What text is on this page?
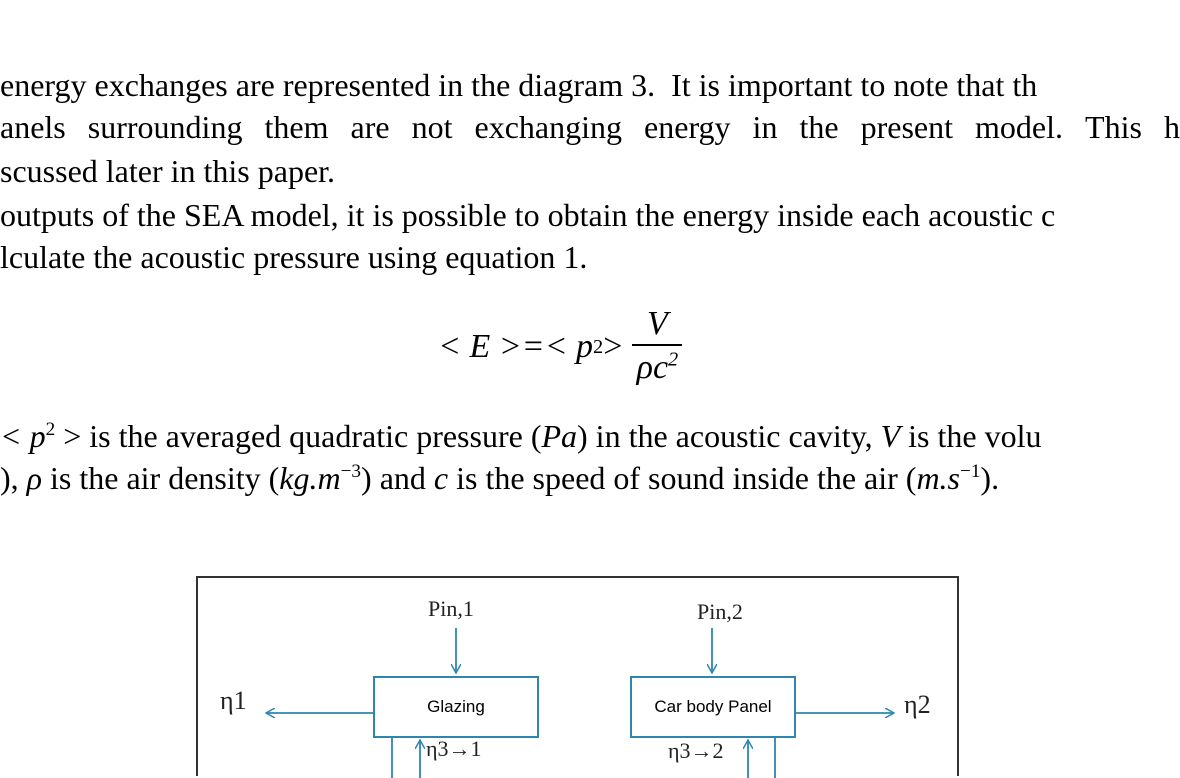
energy exchanges are represented in the diagram 3. It is important to note that th
anels surrounding them are not exchanging energy in the present model. This h
scussed later in this paper.
outputs of the SEA model, it is possible to obtain the energy inside each acoustic c
lculate the acoustic pressure using equation 1.
< E >=< p $2 > \frac{V}{\rho c^2}$
< $p^2$ > is the averaged quadratic pressure (Pa) in the acoustic cavity, V is the volu
), ρ is the air density $(kg.m^{-3})$ and c is the speed of sound inside the air $(m.s^{-1})$.
Pin,1	Pin,2
η1	η2
Glazing	Car body Panel
η3→1	η3→2
